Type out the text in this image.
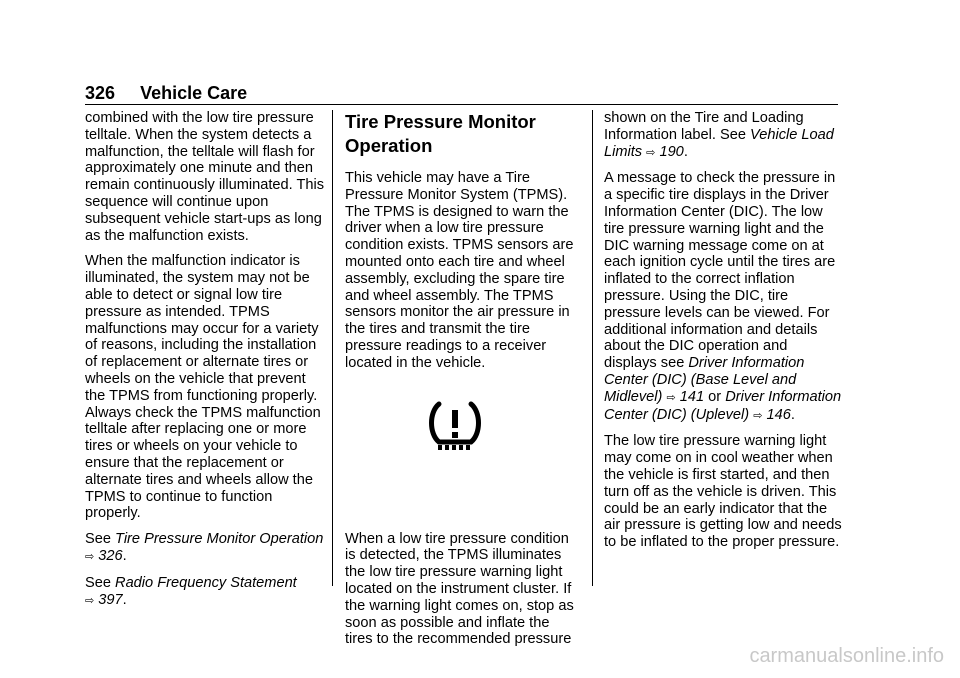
326 Vehicle Care

combined with the low tire pressure telltale. When the system detects a malfunction, the telltale will flash for approximately one minute and then remain continuously illuminated. This sequence will continue upon subsequent vehicle start-ups as long as the malfunction exists.

When the malfunction indicator is illuminated, the system may not be able to detect or signal low tire pressure as intended. TPMS malfunctions may occur for a variety of reasons, including the installation of replacement or alternate tires or wheels on the vehicle that prevent the TPMS from functioning properly. Always check the TPMS malfunction telltale after replacing one or more tires or wheels on your vehicle to ensure that the replacement or alternate tires and wheels allow the TPMS to continue to function properly.

See Tire Pressure Monitor Operation ⇨ 326.

See Radio Frequency Statement
⇨ 397.

Tire Pressure Monitor Operation

This vehicle may have a Tire Pressure Monitor System (TPMS). The TPMS is designed to warn the driver when a low tire pressure condition exists. TPMS sensors are mounted onto each tire and wheel assembly, excluding the spare tire and wheel assembly. The TPMS sensors monitor the air pressure in the tires and transmit the tire pressure readings to a receiver located in the vehicle.

When a low tire pressure condition is detected, the TPMS illuminates the low tire pressure warning light located on the instrument cluster. If the warning light comes on, stop as soon as possible and inflate the tires to the recommended pressure

shown on the Tire and Loading Information label. See Vehicle Load Limits ⇨ 190.

A message to check the pressure in a specific tire displays in the Driver Information Center (DIC). The low tire pressure warning light and the DIC warning message come on at each ignition cycle until the tires are inflated to the correct inflation pressure. Using the DIC, tire pressure levels can be viewed. For additional information and details about the DIC operation and displays see Driver Information Center (DIC) (Base Level and Midlevel) ⇨ 141 or Driver Information Center (DIC) (Uplevel) ⇨ 146.

The low tire pressure warning light may come on in cool weather when the vehicle is first started, and then turn off as the vehicle is driven. This could be an early indicator that the air pressure is getting low and needs to be inflated to the proper pressure.

carmanualsonline.info
